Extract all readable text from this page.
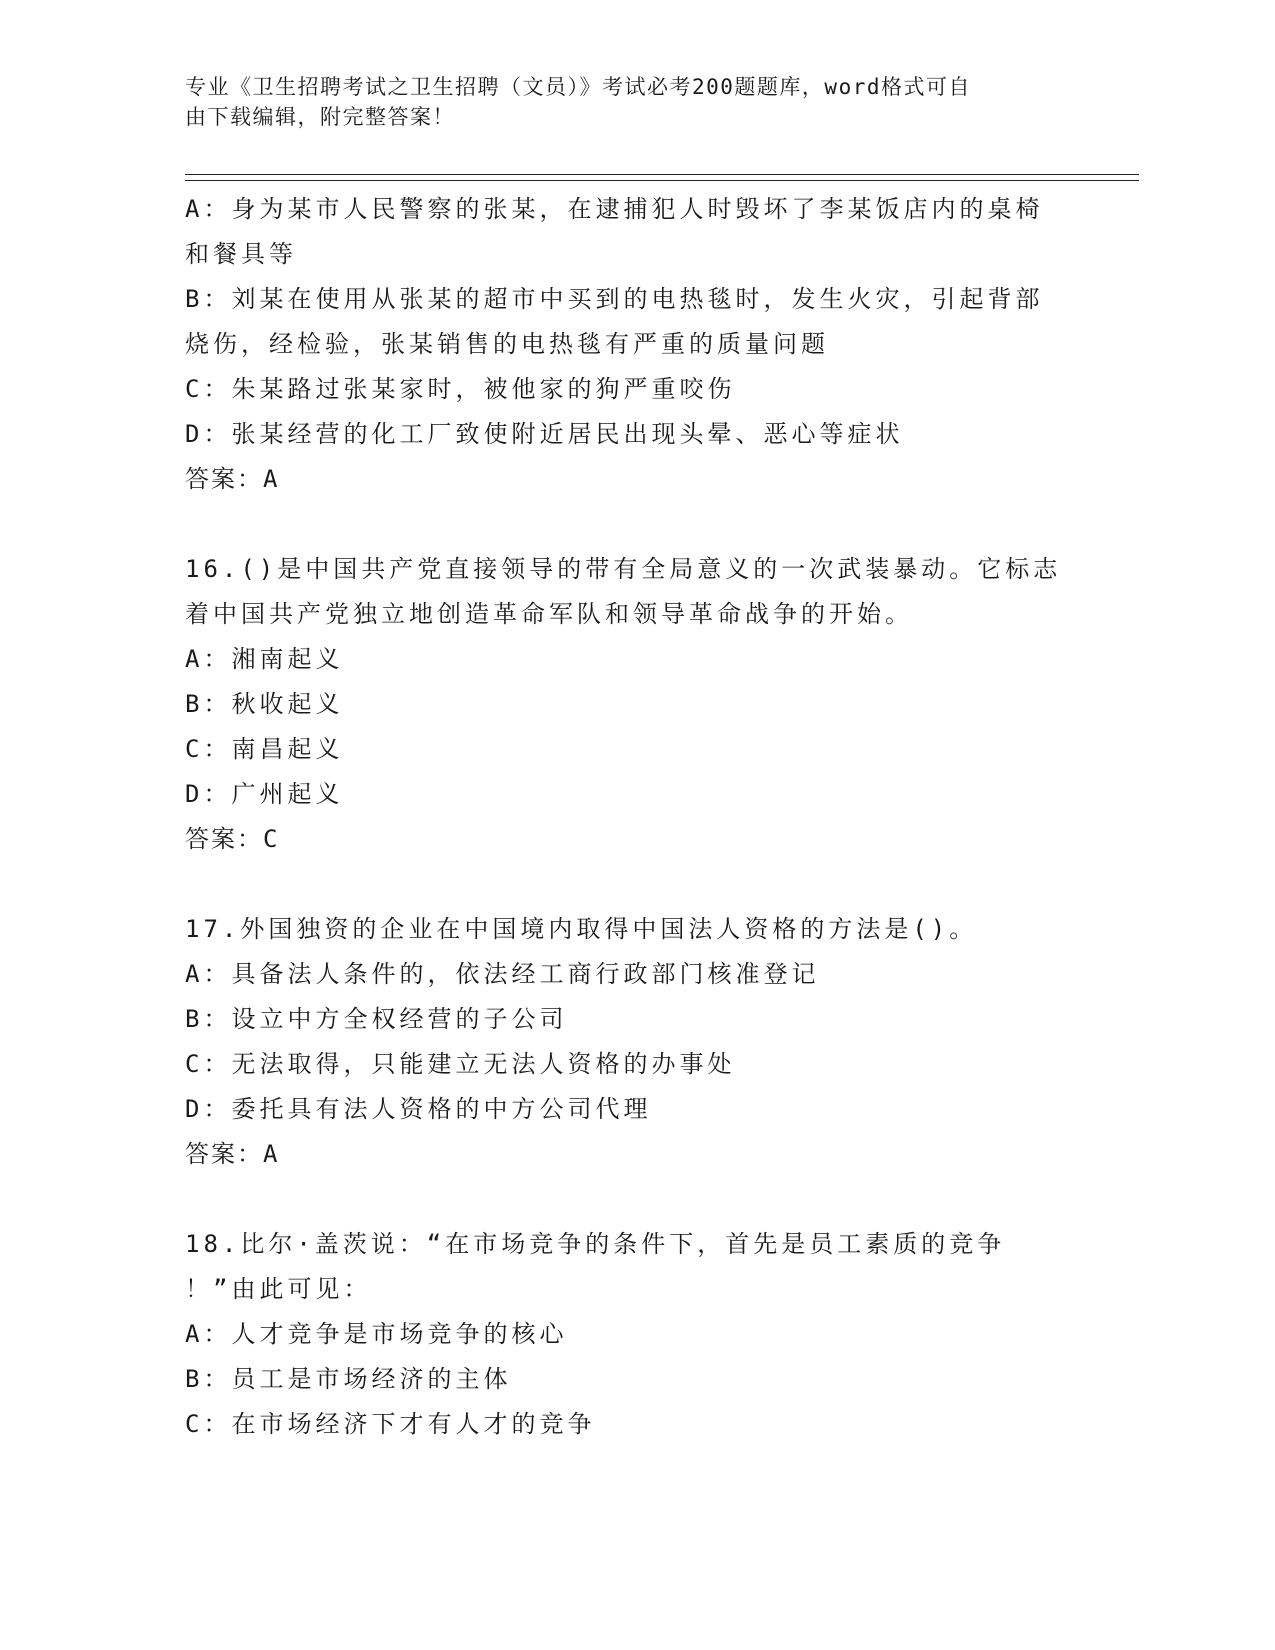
专业《卫生招聘考试之卫生招聘（文员）》考试必考200题题库，word格式可自
由下载编辑，附完整答案！
A：身为某市人民警察的张某，在逮捕犯人时毁坏了李某饭店内的桌椅
和餐具等
B：刘某在使用从张某的超市中买到的电热毯时，发生火灾，引起背部
烧伤，经检验，张某销售的电热毯有严重的质量问题
C：朱某路过张某家时，被他家的狗严重咬伤
D：张某经营的化工厂致使附近居民出现头晕、恶心等症状
答案：A
16.()是中国共产党直接领导的带有全局意义的一次武装暴动。它标志
着中国共产党独立地创造革命军队和领导革命战争的开始。
A：湘南起义
B：秋收起义
C：南昌起义
D：广州起义
答案：C
17.外国独资的企业在中国境内取得中国法人资格的方法是()。
A：具备法人条件的，依法经工商行政部门核准登记
B：设立中方全权经营的子公司
C：无法取得，只能建立无法人资格的办事处
D：委托具有法人资格的中方公司代理
答案：A
18.比尔·盖茨说：“在市场竞争的条件下，首先是员工素质的竞争
！”由此可见：
A：人才竞争是市场竞争的核心
B：员工是市场经济的主体
C：在市场经济下才有人才的竞争
